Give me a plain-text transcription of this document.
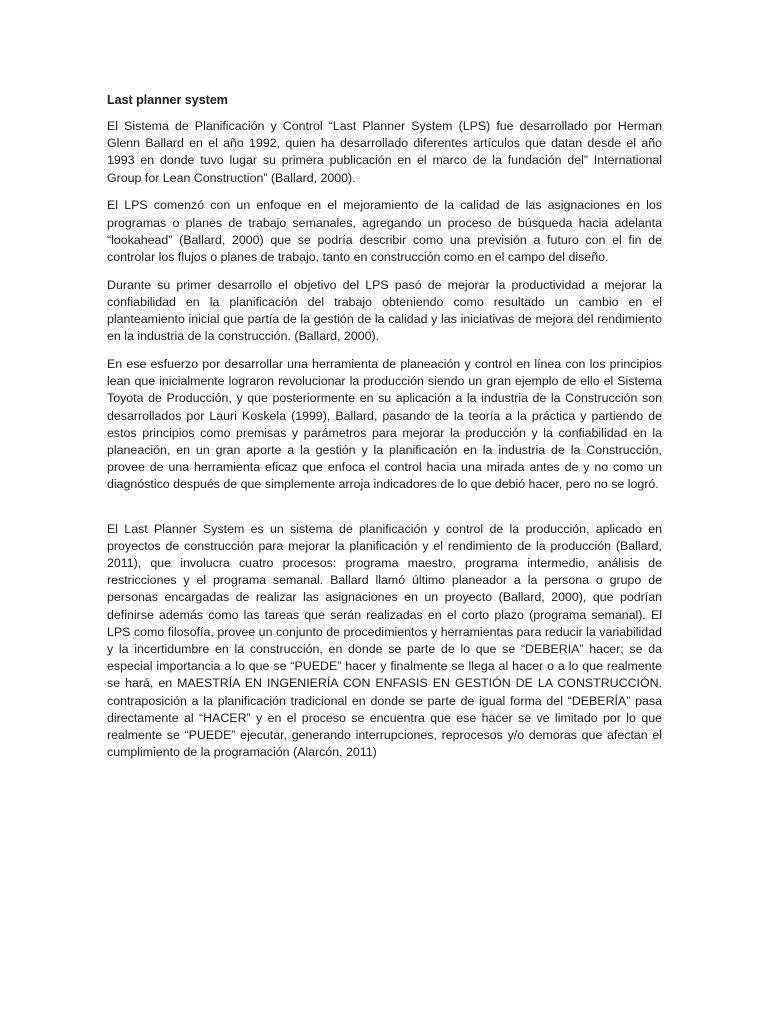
Last planner system

El Sistema de Planificación y Control “Last Planner System (LPS) fue desarrollado por Herman Glenn Ballard en el año 1992, quien ha desarrollado diferentes artículos que datan desde el año 1993 en donde tuvo lugar su primera publicación en el marco de la fundación del” International Group for Lean Construction” (Ballard, 2000).

El LPS comenzó con un enfoque en el mejoramiento de la calidad de las asignaciones en los programas o planes de trabajo semanales, agregando un proceso de búsqueda hacia adelanta “lookahead” (Ballard, 2000) que se podría describir como una previsión a futuro con el fin de controlar los flujos o planes de trabajo, tanto en construcción como en el campo del diseño.

Durante su primer desarrollo el objetivo del LPS pasó de mejorar la productividad a mejorar la confiabilidad en la planificación del trabajo obteniendo como resultado un cambio en el planteamiento inicial que partía de la gestión de la calidad y las iniciativas de mejora del rendimiento en la industria de la construcción. (Ballard, 2000).

En ese esfuerzo por desarrollar una herramienta de planeación y control en línea con los principios lean que inicialmente lograron revolucionar la producción siendo un gran ejemplo de ello el Sistema Toyota de Producción, y que posteriormente en su aplicación a la industria de la Construcción son desarrollados por Lauri Koskela (1999), Ballard, pasando de la teoría a la práctica y partiendo de estos principios como premisas y parámetros para mejorar la producción y la confiabilidad en la planeación, en un gran aporte a la gestión y la planificación en la industria de la Construcción, provee de una herramienta eficaz que enfoca el control hacia una mirada antes de y no como un diagnóstico después de que simplemente arroja indicadores de lo que debió hacer, pero no se logró.

El Last Planner System es un sistema de planificación y control de la producción, aplicado en proyectos de construcción para mejorar la planificación y el rendimiento de la producción (Ballard, 2011), que involucra cuatro procesos: programa maestro, programa intermedio, análisis de restricciones y el programa semanal. Ballard llamó último planeador a la persona o grupo de personas encargadas de realizar las asignaciones en un proyecto (Ballard, 2000), que podrían definirse además como las tareas que serán realizadas en el corto plazo (programa semanal). El LPS como filosofía, provee un conjunto de procedimientos y herramientas para reducir la variabilidad y la incertidumbre en la construcción, en donde se parte de lo que se “DEBERIA” hacer; se da especial importancia a lo que se “PUEDE” hacer y finalmente se llega al hacer o a lo que realmente se hará, en MAESTRÍA EN INGENIERÍA CON ENFASIS EN GESTIÓN DE LA CONSTRUCCIÓN. contraposición a la planificación tradicional en donde se parte de igual forma del “DEBERÍA” pasa directamente al “HACER” y en el proceso se encuentra que ese hacer se ve limitado por lo que realmente se “PUEDE” ejecutar, generando interrupciones, reprocesos y/o demoras que afectan el cumplimiento de la programación (Alarcón, 2011)
